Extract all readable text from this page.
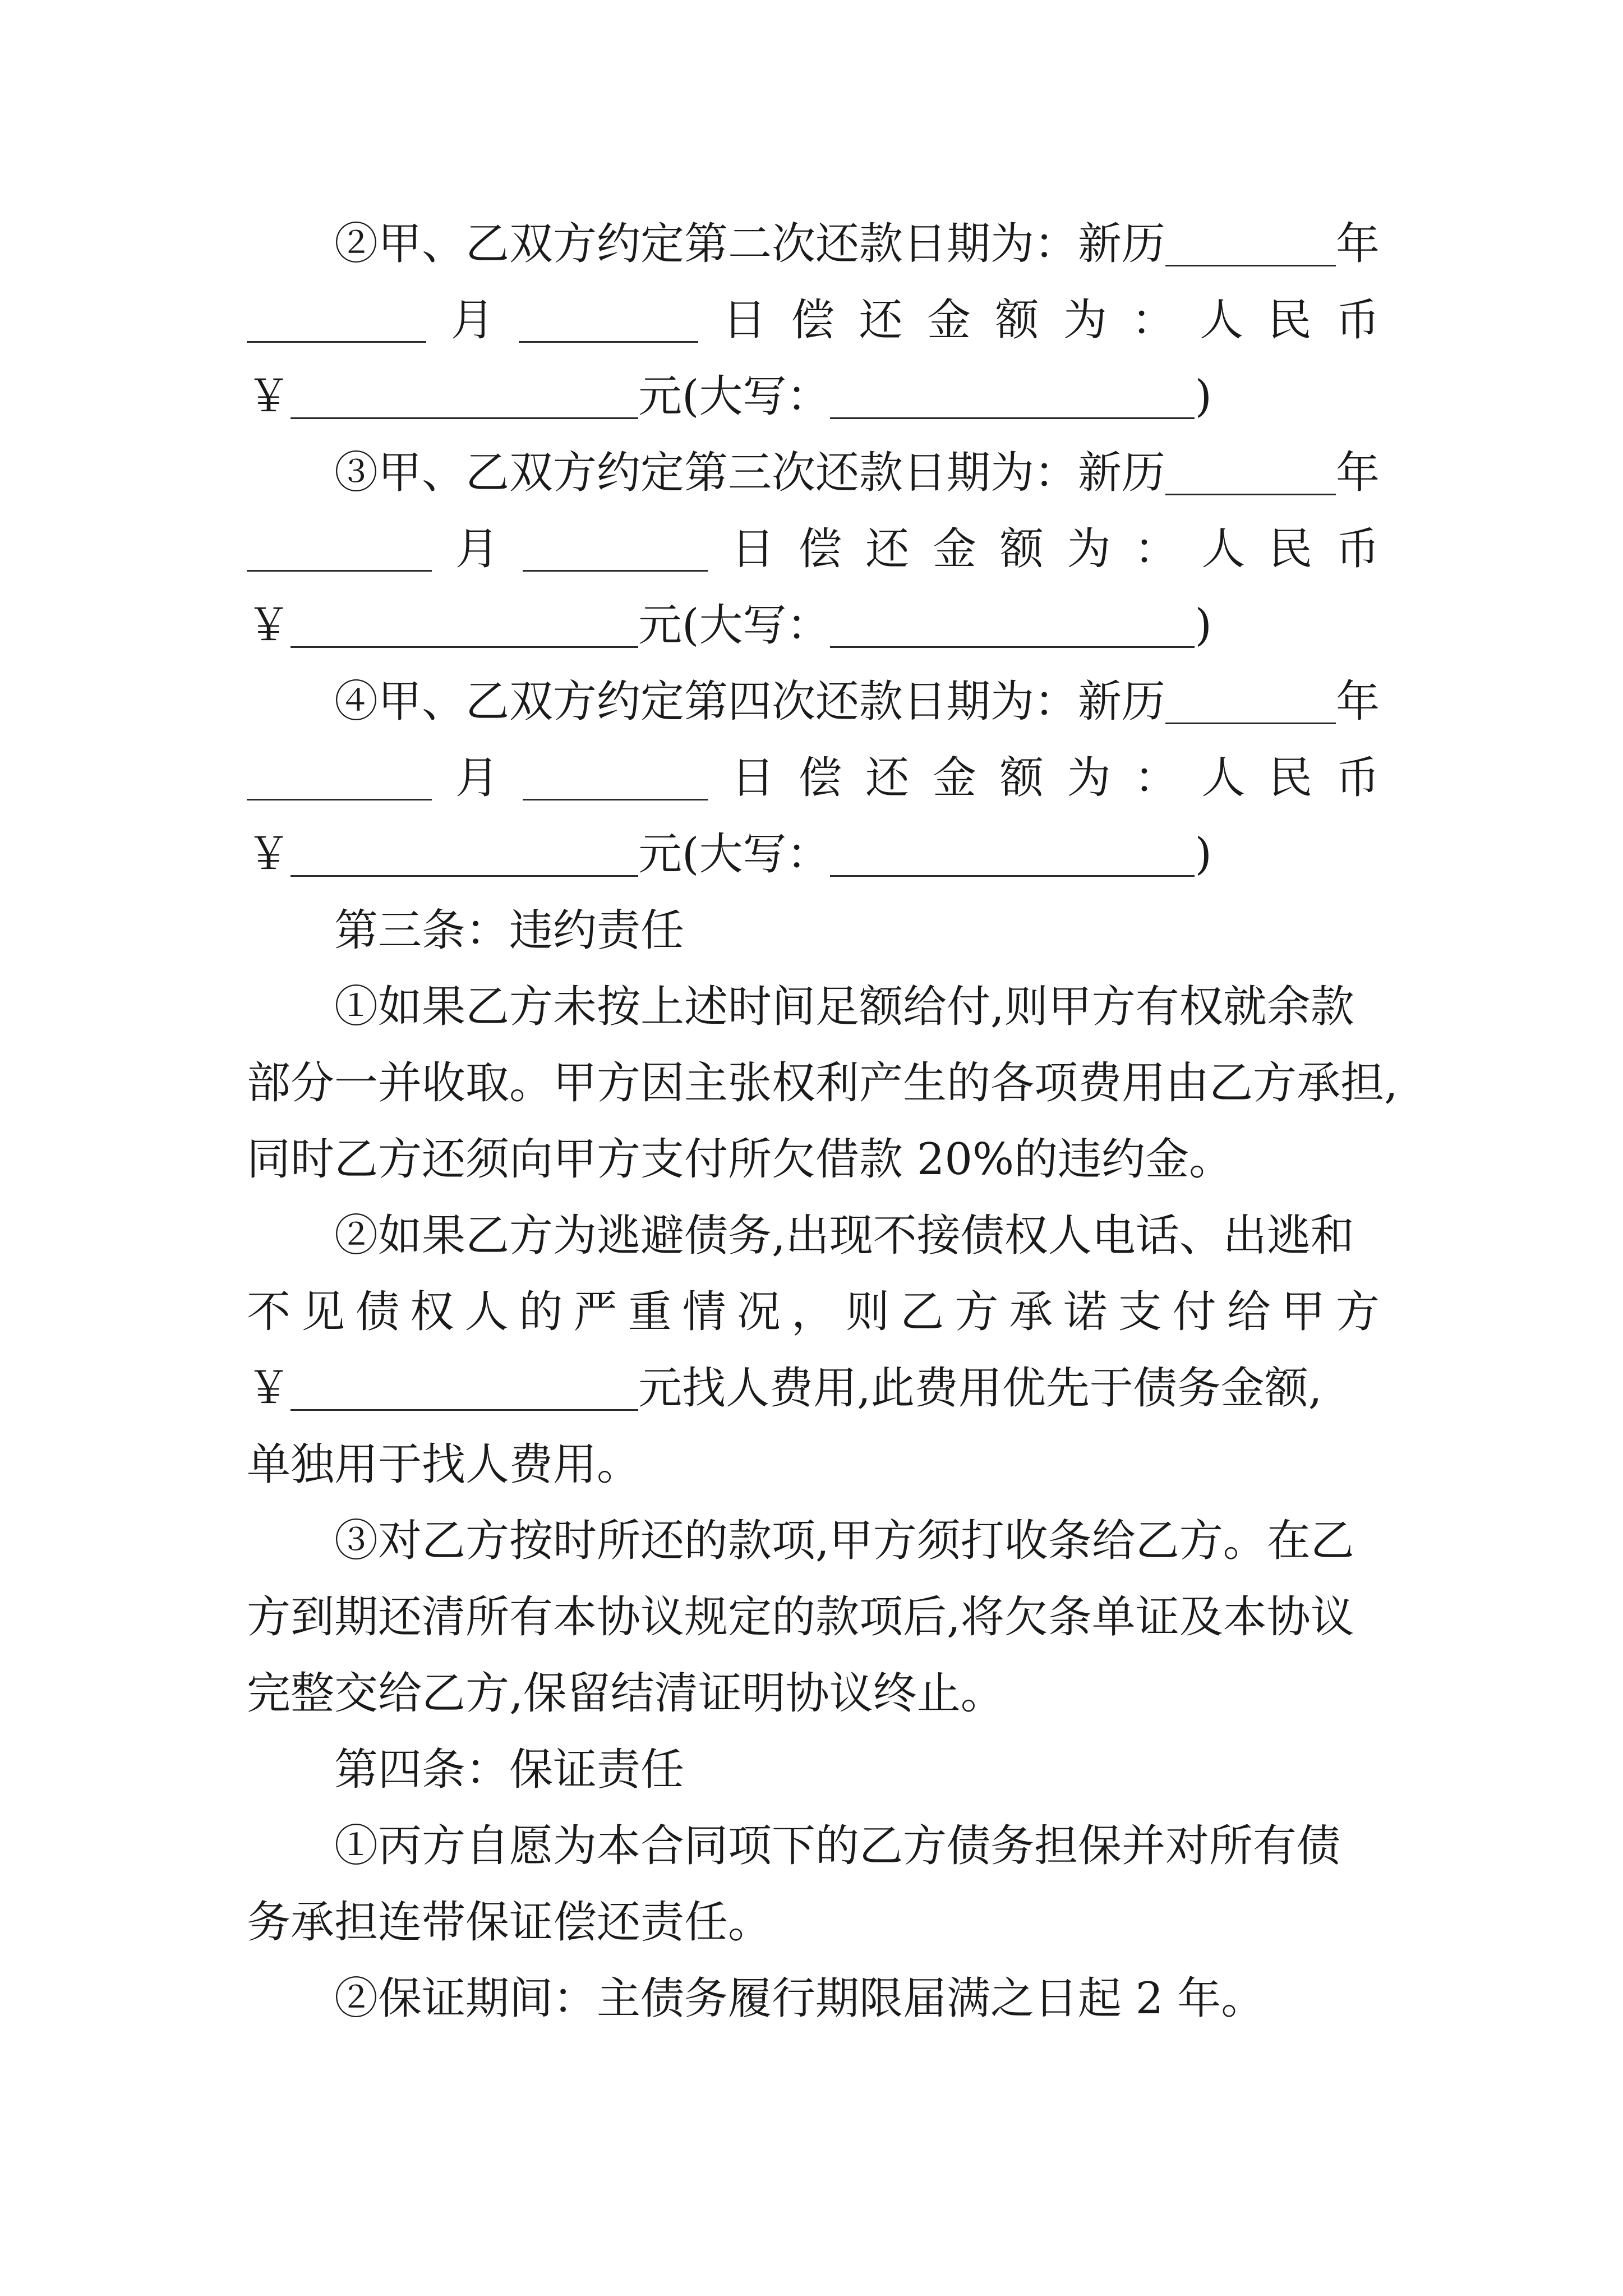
②甲、乙双方约定第二次还款日期为：新历	年
月	日 偿 还 金 额 为 ： 人 民 币
￥	元(大写：	)
③甲、乙双方约定第三次还款日期为：新历	年
月	日 偿 还 金 额 为 ： 人 民 币
￥	元(大写：	)
④甲、乙双方约定第四次还款日期为：新历	年
月	日 偿 还 金 额 为 ： 人 民 币
￥	元(大写：	)
第三条：违约责任
①如果乙方未按上述时间足额给付,则甲方有权就余款
部分一并收取。甲方因主张权利产生的各项费用由乙方承担,
同时乙方还须向甲方支付所欠借款 20%的违约金。
②如果乙方为逃避债务,出现不接债权人电话、出逃和
不 见 债 权 人 的 严 重 情 况 ， 则 乙 方 承 诺 支 付 给 甲 方
￥	元找人费用,此费用优先于债务金额,
单独用于找人费用。
③对乙方按时所还的款项,甲方须打收条给乙方。在乙
方到期还清所有本协议规定的款项后,将欠条单证及本协议
完整交给乙方,保留结清证明协议终止。
第四条：保证责任
①丙方自愿为本合同项下的乙方债务担保并对所有债
务承担连带保证偿还责任。
②保证期间：主债务履行期限届满之日起 2 年。
